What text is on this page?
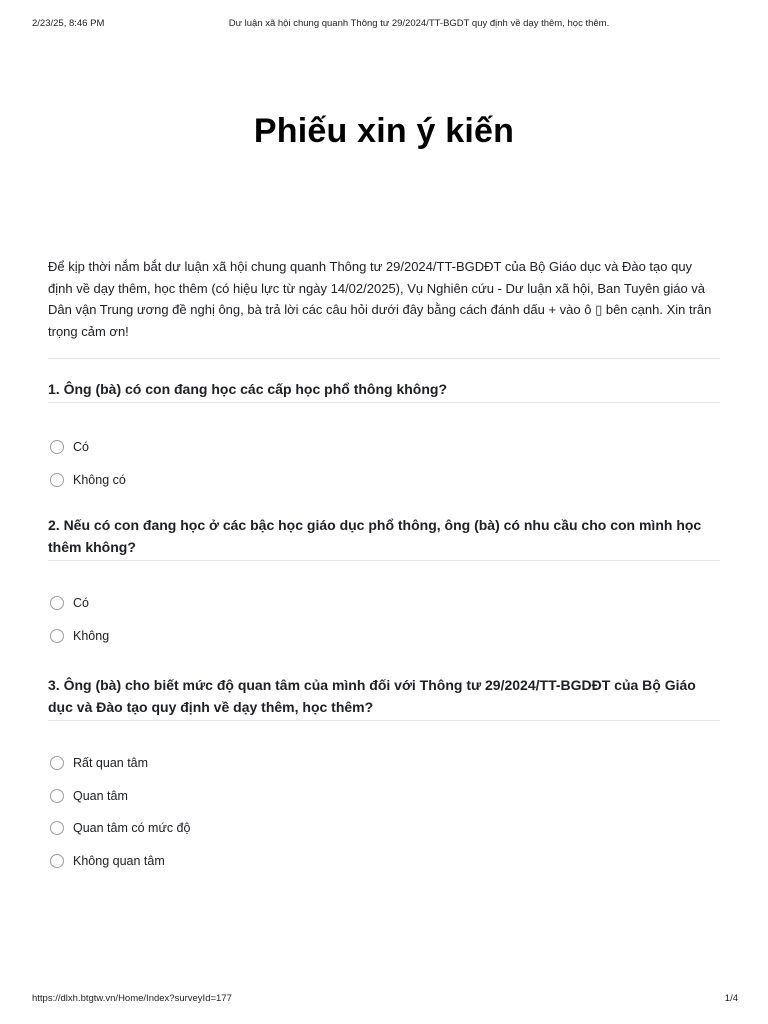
2/23/25, 8:46 PM	Dư luận xã hội chung quanh Thông tư 29/2024/TT-BGDT quy định về dạy thêm, học thêm.
Phiếu xin ý kiến

Để kịp thời nắm bắt dư luận xã hội chung quanh Thông tư 29/2024/TT-BGDĐT của Bộ Giáo dục và Đào tạo quy định về dạy thêm, học thêm (có hiệu lực từ ngày 14/02/2025), Vụ Nghiên cứu - Dư luận xã hội, Ban Tuyên giáo và Dân vận Trung ương đề nghị ông, bà trả lời các câu hỏi dưới đây bằng cách đánh dấu + vào ô ▯ bên cạnh. Xin trân trọng cảm ơn!

1. Ông (bà) có con đang học các cấp học phổ thông không?
Có
Không có
2. Nếu có con đang học ở các bậc học giáo dục phổ thông, ông (bà) có nhu cầu cho con mình học thêm không?
Có
Không
3. Ông (bà) cho biết mức độ quan tâm của mình đối với Thông tư 29/2024/TT-BGDĐT của Bộ Giáo dục và Đào tạo quy định về dạy thêm, học thêm?
Rất quan tâm
Quan tâm
Quan tâm có mức độ
Không quan tâm
https://dlxh.btgtw.vn/Home/Index?surveyId=177	1/4
